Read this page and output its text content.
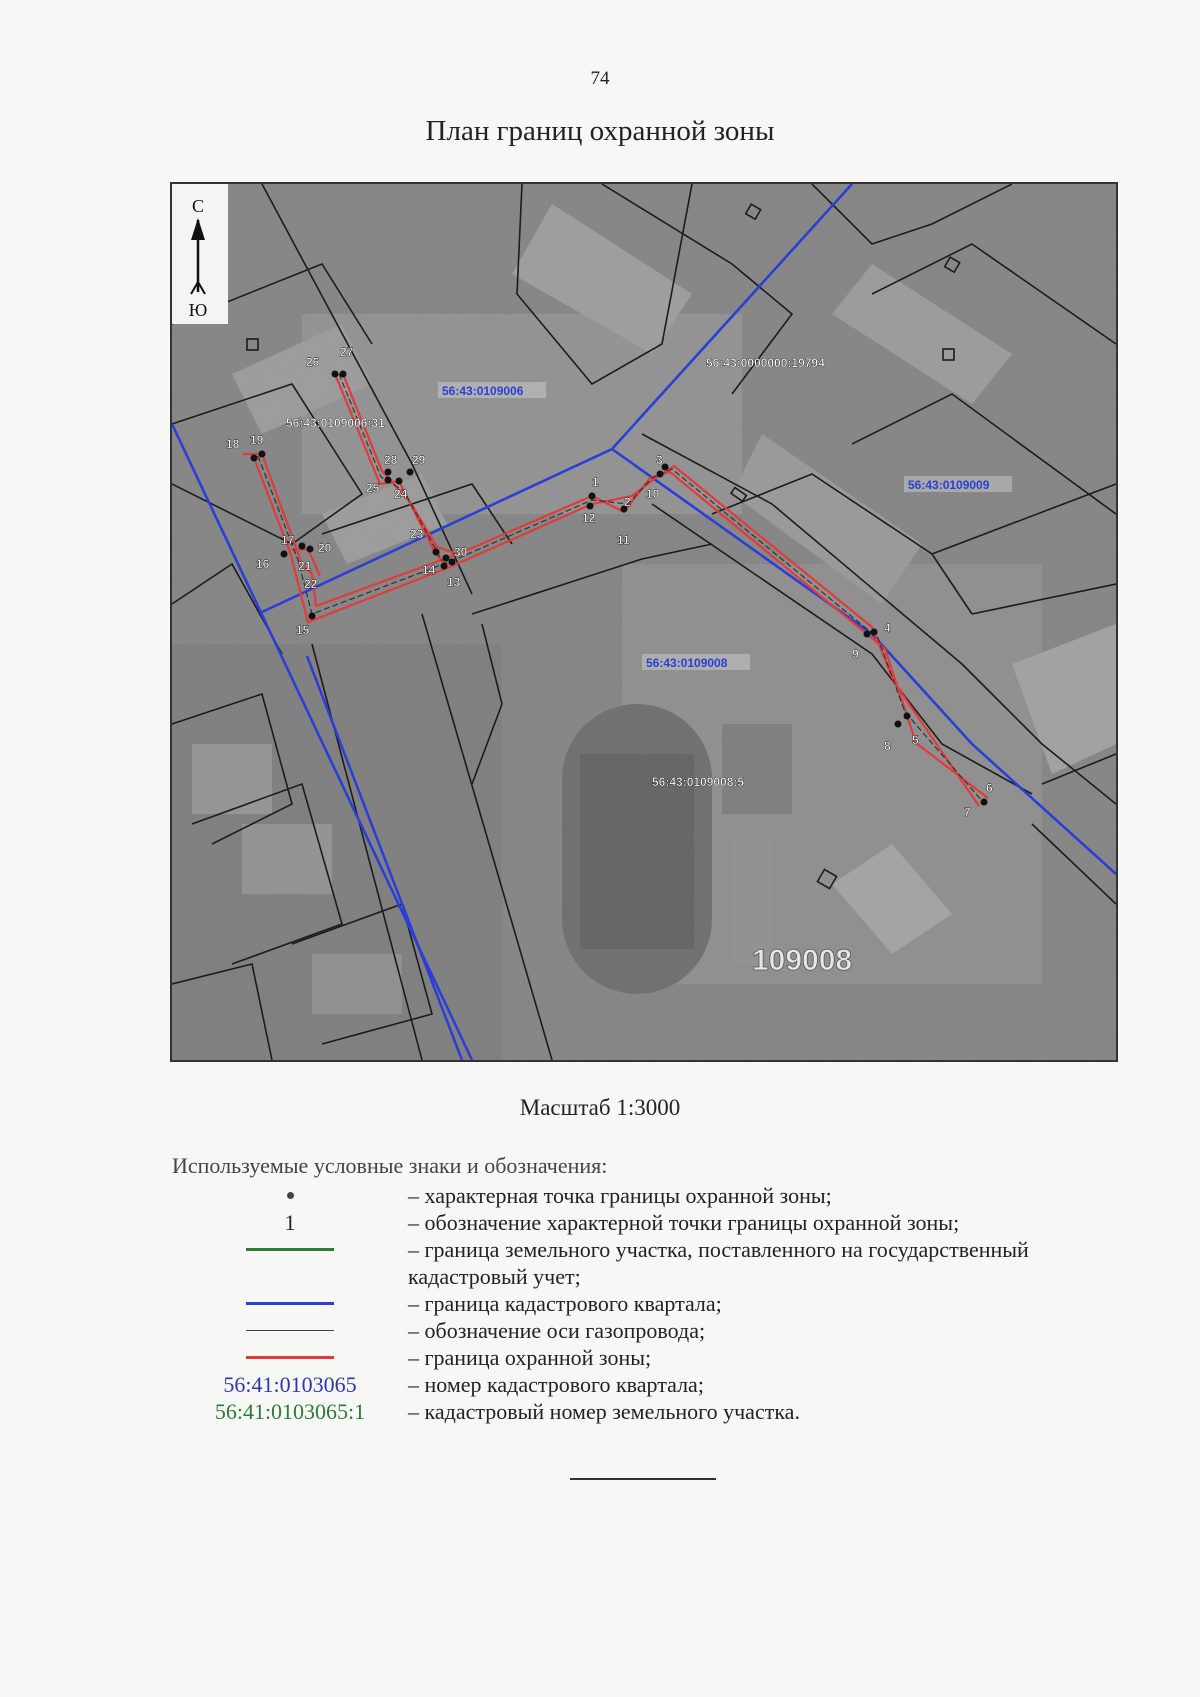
74
План границ охранной зоны
1
2
3
4
5
6
7
8
9
10
11
12
13
14
15
16
17
18 19
20
21
22
23
24
25
26
27
28 29
30
56:43:0109006
56:43:0109009
56:43:0109008
56:43:0000000:19794
56:43:0109006:31
56:43:0109008:5
109008
С
Ю
Масштаб 1:3000
Используемые условные знаки и обозначения:
– характерная точка границы охранной зоны;
1	– обозначение характерной точки границы охранной зоны;
– граница земельного участка, поставленного на государственный кадастровый учет;
– граница кадастрового квартала;
– обозначение оси газопровода;
– граница охранной зоны;
56:41:0103065	– номер кадастрового квартала;
56:41:0103065:1	– кадастровый номер земельного участка.
